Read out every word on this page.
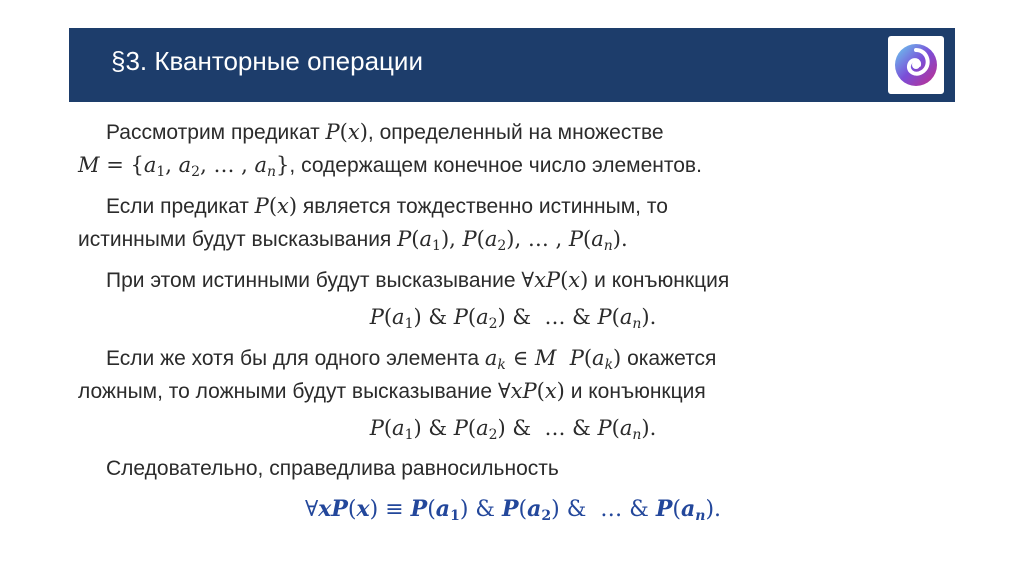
§3. Кванторные операции
Рассмотрим предикат P(x), определенный на множестве
$M = \{a_1$, $a_2$, … , $a_n$}, содержащем конечное число элементов.
Если предикат P(x) является тождественно истинным, то
истинными будут высказывания $P(a_1)$, $P(a_2)$, … , $P(a_n)$.
При этом истинными будут высказывание ∀xP(x) и конъюнкция
$P(a_1)$ & $P(a_2)$ &  … & $P(a_n)$.
Если же хотя бы для одного элемента $a_k$ ∈ M $P(a_k)$ окажется
ложным, то ложными будут высказывание ∀xP(x) и конъюнкция
$P(a_1)$ & $P(a_2)$ &  … & $P(a_n)$.
Следовательно, справедлива равносильность
∀xP(x) ≡ $P(a_1)$ & $P(a_2)$ &  … & $P(a_n)$.
